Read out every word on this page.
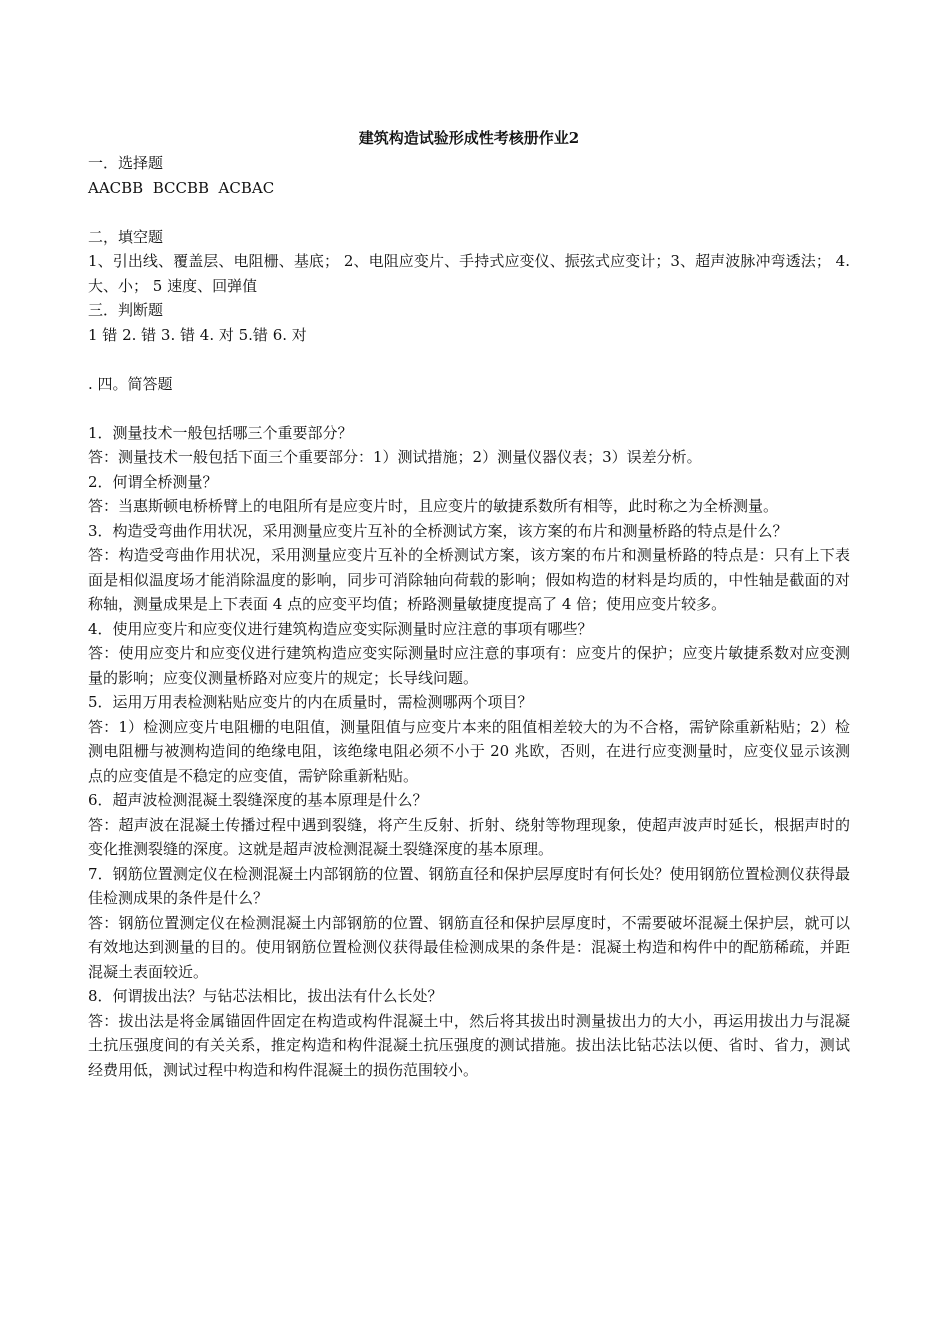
建筑构造试验形成性考核册作业2

一．选择题

AACBB  BCCBB  ACBAC

二，填空题

1、引出线、覆盖层、电阻栅、基底； 2、电阻应变片、手持式应变仪、振弦式应变计；3、超声波脉冲弯透法； 4.大、小； 5 速度、回弹值

三．判断题

1 错 2. 错 3. 错 4. 对 5.错 6. 对

. 四。简答题

1．测量技术一般包括哪三个重要部分？

答：测量技术一般包括下面三个重要部分：1）测试措施；2）测量仪器仪表；3）误差分析。

2．何谓全桥测量？

答：当惠斯顿电桥桥臂上的电阻所有是应变片时，且应变片的敏捷系数所有相等，此时称之为全桥测量。

3．构造受弯曲作用状况，采用测量应变片互补的全桥测试方案，该方案的布片和测量桥路的特点是什么？

答：构造受弯曲作用状况，采用测量应变片互补的全桥测试方案，该方案的布片和测量桥路的特点是：只有上下表面是相似温度场才能消除温度的影响，同步可消除轴向荷载的影响；假如构造的材料是均质的，中性轴是截面的对称轴，测量成果是上下表面 4 点的应变平均值；桥路测量敏捷度提高了 4 倍；使用应变片较多。

4．使用应变片和应变仪进行建筑构造应变实际测量时应注意的事项有哪些？

答：使用应变片和应变仪进行建筑构造应变实际测量时应注意的事项有：应变片的保护；应变片敏捷系数对应变测量的影响；应变仪测量桥路对应变片的规定；长导线问题。

5．运用万用表检测粘贴应变片的内在质量时，需检测哪两个项目？

答：1）检测应变片电阻栅的电阻值，测量阻值与应变片本来的阻值相差较大的为不合格，需铲除重新粘贴；2）检测电阻栅与被测构造间的绝缘电阻，该绝缘电阻必须不小于 20 兆欧，否则，在进行应变测量时，应变仪显示该测点的应变值是不稳定的应变值，需铲除重新粘贴。

6．超声波检测混凝土裂缝深度的基本原理是什么？

答：超声波在混凝土传播过程中遇到裂缝，将产生反射、折射、绕射等物理现象，使超声波声时延长，根据声时的变化推测裂缝的深度。这就是超声波检测混凝土裂缝深度的基本原理。

7．钢筋位置测定仪在检测混凝土内部钢筋的位置、钢筋直径和保护层厚度时有何长处？使用钢筋位置检测仪获得最佳检测成果的条件是什么？

答：钢筋位置测定仪在检测混凝土内部钢筋的位置、钢筋直径和保护层厚度时，不需要破坏混凝土保护层，就可以有效地达到测量的目的。使用钢筋位置检测仪获得最佳检测成果的条件是：混凝土构造和构件中的配筋稀疏，并距混凝土表面较近。

8．何谓拔出法？与钻芯法相比，拔出法有什么长处？

答：拔出法是将金属锚固件固定在构造或构件混凝土中，然后将其拔出时测量拔出力的大小，再运用拔出力与混凝土抗压强度间的有关关系，推定构造和构件混凝土抗压强度的测试措施。拔出法比钻芯法以便、省时、省力，测试经费用低，测试过程中构造和构件混凝土的损伤范围较小。
